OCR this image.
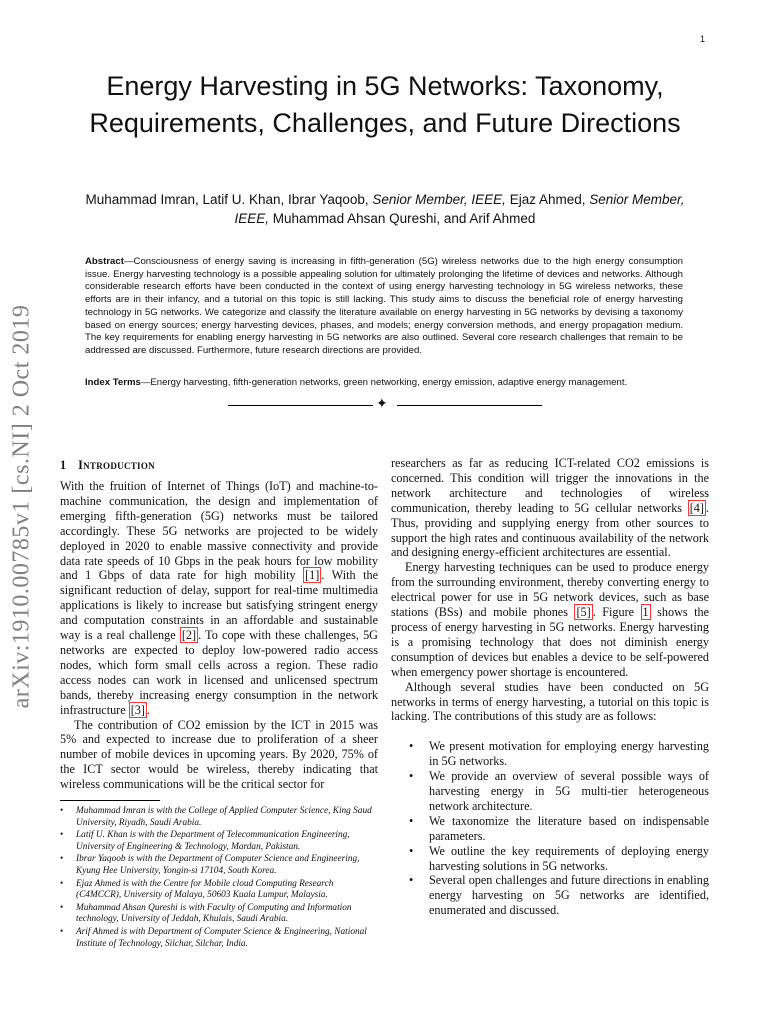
1
arXiv:1910.00785v1 [cs.NI] 2 Oct 2019
Energy Harvesting in 5G Networks: Taxonomy, Requirements, Challenges, and Future Directions

Muhammad Imran, Latif U. Khan, Ibrar Yaqoob, Senior Member, IEEE, Ejaz Ahmed, Senior Member, IEEE, Muhammad Ahsan Qureshi, and Arif Ahmed

Abstract—Consciousness of energy saving is increasing in fifth-generation (5G) wireless networks due to the high energy consumption issue. Energy harvesting technology is a possible appealing solution for ultimately prolonging the lifetime of devices and networks. Although considerable research efforts have been conducted in the context of using energy harvesting technology in 5G wireless networks, these efforts are in their infancy, and a tutorial on this topic is still lacking. This study aims to discuss the beneficial role of energy harvesting technology in 5G networks. We categorize and classify the literature available on energy harvesting in 5G networks by devising a taxonomy based on energy sources; energy harvesting devices, phases, and models; energy conversion methods, and energy propagation medium. The key requirements for enabling energy harvesting in 5G networks are also outlined. Several core research challenges that remain to be addressed are discussed. Furthermore, future research directions are provided.

Index Terms—Energy harvesting, fifth-generation networks, green networking, energy emission, adaptive energy management.

✦
1 Introduction

With the fruition of Internet of Things (IoT) and machine-to-machine communication, the design and implementation of emerging fifth-generation (5G) networks must be tailored accordingly. These 5G networks are projected to be widely deployed in 2020 to enable massive connectivity and provide data rate speeds of 10 Gbps in the peak hours for low mobility and 1 Gbps of data rate for high mobility [1] . With the significant reduction of delay, support for real-time multimedia applications is likely to increase but satisfying stringent energy and computation constraints in an affordable and sustainable way is a real challenge [2] . To cope with these challenges, 5G networks are expected to deploy low-powered radio access nodes, which form small cells across a region. These radio access nodes can work in licensed and unlicensed spectrum bands, thereby increasing energy consumption in the network infrastructure [3] .

The contribution of CO2 emission by the ICT in 2015 was 5% and expected to increase due to proliferation of a sheer number of mobile devices in upcoming years. By 2020, 75% of the ICT sector would be wireless, thereby indicating that wireless communications will be the critical sector for

researchers as far as reducing ICT-related CO2 emissions is concerned. This condition will trigger the innovations in the network architecture and technologies of wireless communication, thereby leading to 5G cellular networks [4] . Thus, providing and supplying energy from other sources to support the high rates and continuous availability of the network and designing energy-efficient architectures are essential.

Energy harvesting techniques can be used to produce energy from the surrounding environment, thereby converting energy to electrical power for use in 5G network devices, such as base stations (BSs) and mobile phones [5] . Figure 1 shows the process of energy harvesting in 5G networks. Energy harvesting is a promising technology that does not diminish energy consumption of devices but enables a device to be self-powered when emergency power shortage is encountered.

Although several studies have been conducted on 5G networks in terms of energy harvesting, a tutorial on this topic is lacking. The contributions of this study are as follows:

• We present motivation for employing energy harvesting in 5G networks.
• We provide an overview of several possible ways of harvesting energy in 5G multi-tier heterogeneous network architecture.
• We taxonomize the literature based on indispensable parameters.
• We outline the key requirements of deploying energy harvesting solutions in 5G networks.
• Several open challenges and future directions in enabling energy harvesting on 5G networks are identified, enumerated and discussed.
• Muhammad Imran is with the College of Applied Computer Science, King Saud University, Riyadh, Saudi Arabia.
• Latif U. Khan is with the Department of Telecommunication Engineering, University of Engineering & Technology, Mardan, Pakistan.
• Ibrar Yaqoob is with the Department of Computer Science and Engineering, Kyung Hee University, Yongin-si 17104, South Korea.
• Ejaz Ahmed is with the Centre for Mobile cloud Computing Research (C4MCCR), University of Malaya, 50603 Kuala Lumpur, Malaysia.
• Muhammad Ahsan Qureshi is with Faculty of Computing and Information technology, University of Jeddah, Khulais, Saudi Arabia.
• Arif Ahmed is with Department of Computer Science & Engineering, National Institute of Technology, Silchar, Silchar, India.
